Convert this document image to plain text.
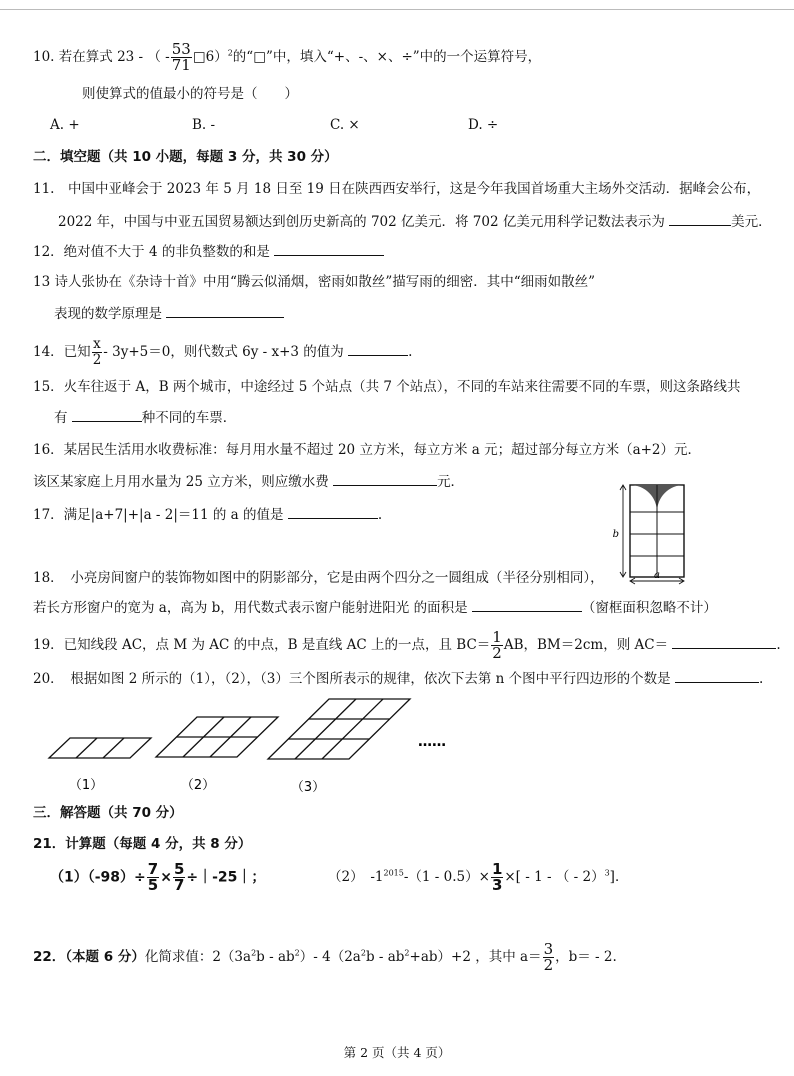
10. 若在算式 23 - （ - $\frac{53}{71}$ □6）$^2$的“□”中，填入“+、-、×、÷”中的一个运算符号，
则使算式的值最小的符号是（　　）
A. +	B. -	C. ×	D. ÷
二．填空题（共 10 小题，每题 3 分，共 30 分）
11.　中国中亚峰会于 2023 年 5 月 18 日至 19 日在陕西西安举行，这是今年我国首场重大主场外交活动．据峰会公布，
2022 年，中国与中亚五国贸易额达到创历史新高的 702 亿美元．将 702 亿美元用科学记数法表示为	美元．
12．绝对值不大于 4 的非负整数的和是
13 诗人张协在《杂诗十首》中用“腾云似涌烟，密雨如散丝”描写雨的细密．其中“细雨如散丝”
表现的数学原理是
14．已知 $\frac{x}{2} - 3y+5=0$，则代数式 6y - x+3 的值为	.
15．火车往返于 A，B 两个城市，中途经过 5 个站点（共 7 个站点），不同的车站来往需要不同的车票，则这条路线共
有	种不同的车票．
16．某居民生活用水收费标准：每月用水量不超过 20 立方米，每立方米 a 元；超过部分每立方米（a+2）元．
该区某家庭上月用水量为 25 立方米，则应缴水费	元．
17．满足|a+7|+|a - 2|＝11 的 a 的值是	.
b
a
18．　小亮房间窗户的装饰物如图中的阴影部分，它是由两个四分之一圆组成（半径分别相同），
若长方形窗户的宽为 a，高为 b，用代数式表示窗户能射进阳光 的面积是	（窗框面积忽略不计）
19．已知线段 AC，点 M 为 AC 的中点，B 是直线 AC 上的一点，且 $BC= \frac{1}{2}$ AB，BM＝2cm，则 AC＝	.
20．　根据如图 2 所示的（1），（2），（3）三个图所表示的规律，依次下去第 n 个图中平行四边形的个数是	.
……
（1）	（2）	（3）
三．解答题（共 70 分）
21．计算题（每题 4 分，共 8 分）
$(1)(-98)\div \frac{7}{5} \times \frac{5}{7}$ ÷｜-25｜；	（2）　$-1^{2015}-(1 - 0.5)\times \frac{1}{3}$ ×[ - 1 - （ - 2）$^3$]．
22．（本题 6 分）化简求值：$2(3a^2b - ab^2)-$ $4(2a^2b - ab^2+ab)+2$ ，其中 $a= \frac{3}{2}$ ，b＝ - 2.
第 2 页（共 4 页）
